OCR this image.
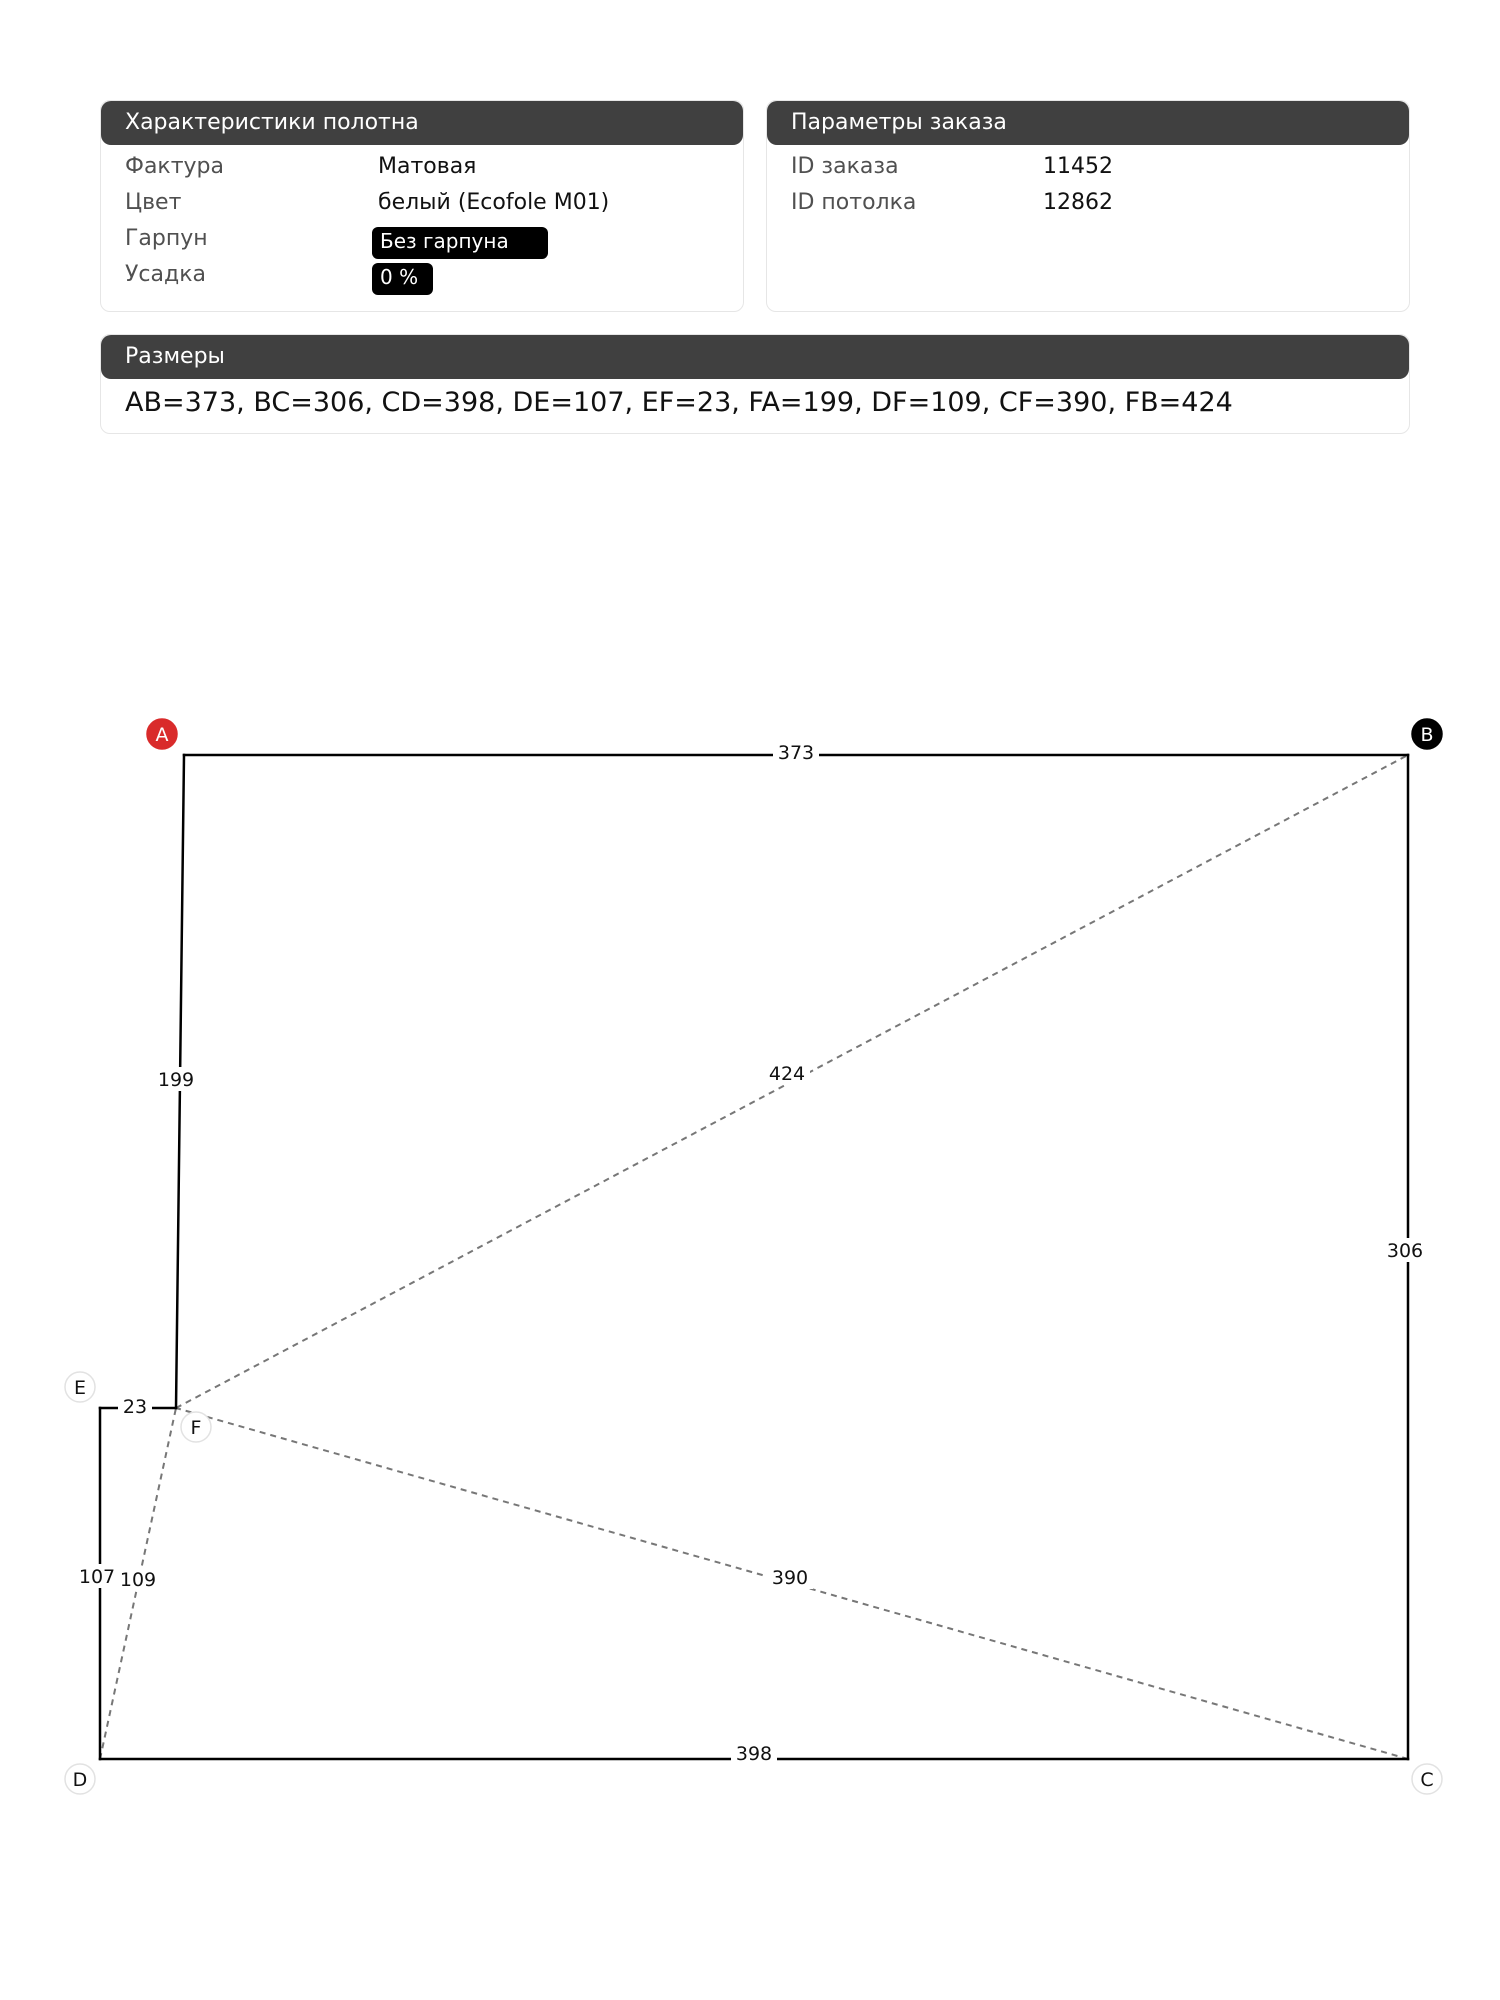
Характеристики полотна
Фактура	Матовая
Цвет	белый (Ecofole M01)
Гарпун	Без гарпуна
Усадка	0 %
Параметры заказа
ID заказа	11452
ID потолка	12862
Размеры
AB=373, BC=306, CD=398, DE=107, EF=23, FA=199, DF=109, CF=390, FB=424
109	390
424
373
306
398
107
23
199
A	B
C
D
E
F
